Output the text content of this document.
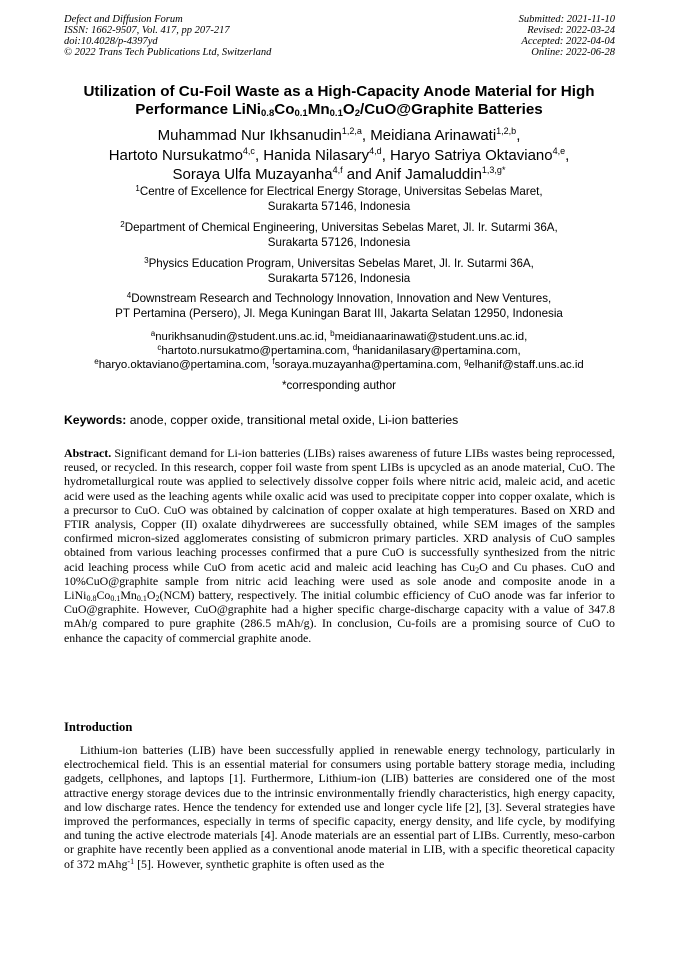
Defect and Diffusion Forum
ISSN: 1662-9507, Vol. 417, pp 207-217
doi:10.4028/p-4397yd
© 2022 Trans Tech Publications Ltd, Switzerland
Submitted: 2021-11-10
Revised: 2022-03-24
Accepted: 2022-04-04
Online: 2022-06-28
Utilization of Cu-Foil Waste as a High-Capacity Anode Material for High
Performance $LiNi_{0.8}Co_{0.1}Mn_{0.1}O_2/CuO@Graphite$ Batteries
Muhammad Nur Ikhsanudin$^{1,2,a}$, Meidiana Arinawati$^{1,2,b}$,
Hartoto Nursukatmo$^{4,c}$, Hanida Nilasary$^{4,d}$, Haryo Satriya Oktaviano$^{4,e}$,
Soraya Ulfa Muzayanha$^{4,f}$ and Anif Jamaluddin$^{1,3,g*}$
$^1$Centre of Excellence for Electrical Energy Storage, Universitas Sebelas Maret,
Surakarta 57146, Indonesia
$^2$Department of Chemical Engineering, Universitas Sebelas Maret, Jl. Ir. Sutarmi 36A,
Surakarta 57126, Indonesia
$^3$Physics Education Program, Universitas Sebelas Maret, Jl. Ir. Sutarmi 36A,
Surakarta 57126, Indonesia
$^4$Downstream Research and Technology Innovation, Innovation and New Ventures,
PT Pertamina (Persero), Jl. Mega Kuningan Barat III, Jakarta Selatan 12950, Indonesia
$^a$nurikhsanudin@student.uns.ac.id, $^b$meidianaarinawati@student.uns.ac.id,
$^c$hartoto.nursukatmo@pertamina.com, $^d$hanidanilasary@pertamina.com,
$^e$haryo.oktaviano@pertamina.com, $^f$soraya.muzayanha@pertamina.com, $^g$elhanif@staff.uns.ac.id
*corresponding author
Keywords: anode, copper oxide, transitional metal oxide, Li-ion batteries
Abstract. Significant demand for Li-ion batteries (LIBs) raises awareness of future LIBs wastes being reprocessed, reused, or recycled. In this research, copper foil waste from spent LIBs is upcycled as an anode material, CuO. The hydrometallurgical route was applied to selectively dissolve copper foils where nitric acid, maleic acid, and acetic acid were used as the leaching agents while oxalic acid was used to precipitate copper into copper oxalate, which is a precursor to CuO. CuO was obtained by calcination of copper oxalate at high temperatures. Based on XRD and FTIR analysis, Copper (II) oxalate dihydrwerees are successfully obtained, while SEM images of the samples confirmed micron-sized agglomerates consisting of submicron primary particles. XRD analysis of CuO samples obtained from various leaching processes confirmed that a pure CuO is successfully synthesized from the nitric acid leaching process while CuO from acetic acid and maleic acid leaching has $Cu_2O$ and Cu phases. CuO and 10%CuO@graphite sample from nitric acid leaching were used as sole anode and composite anode in a $LiNi_{0.8}Co_{0.1}Mn_{0.1}O_2(NCM)$ battery, respectively. The initial columbic efficiency of CuO anode was far inferior to CuO@graphite. However, CuO@graphite had a higher specific charge-discharge capacity with a value of 347.8 mAh/g compared to pure graphite (286.5 mAh/g). In conclusion, Cu-foils are a promising source of CuO to enhance the capacity of commercial graphite anode.
Introduction
Lithium-ion batteries (LIB) have been successfully applied in renewable energy technology, particularly in electrochemical field. This is an essential material for consumers using portable battery storage media, including gadgets, cellphones, and laptops [1]. Furthermore, Lithium-ion (LIB) batteries are considered one of the most attractive energy storage devices due to the intrinsic environmentally friendly characteristics, high energy capacity, and low discharge rates. Hence the tendency for extended use and longer cycle life [2], [3]. Several strategies have improved the performances, especially in terms of specific capacity, energy density, and life cycle, by modifying and tuning the active electrode materials [4]. Anode materials are an essential part of LIBs. Currently, meso-carbon or graphite have recently been applied as a conventional anode material in LIB, with a specific theoretical capacity of 372 mAhg$^{-1}$ [5]. However, synthetic graphite is often used as the
